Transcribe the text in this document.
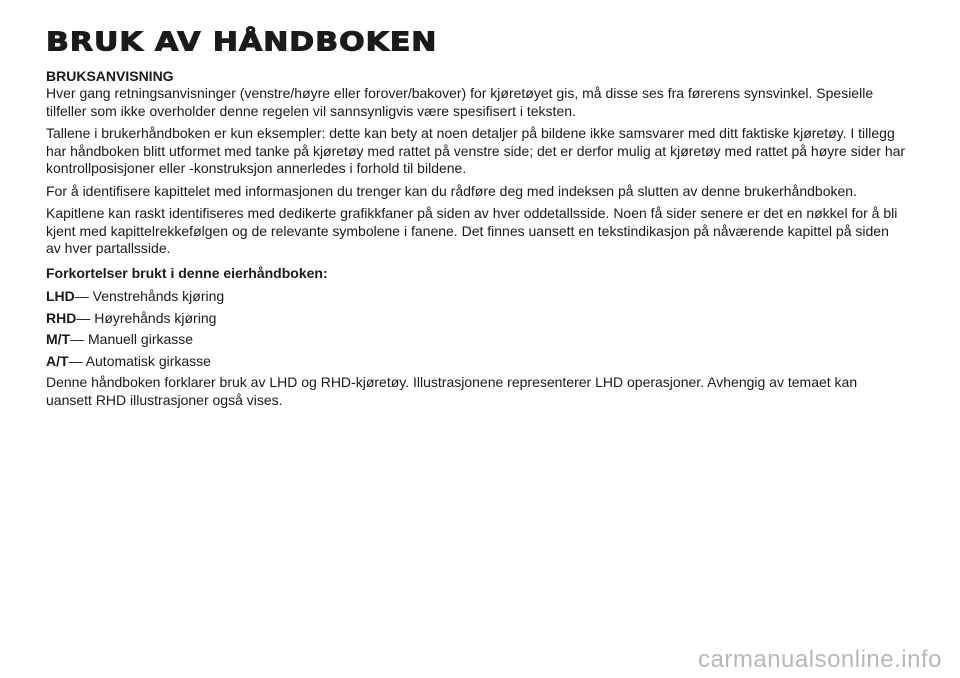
BRUK AV HÅNDBOKEN
BRUKSANVISNING

Hver gang retningsanvisninger (venstre/høyre eller forover/bakover) for kjøretøyet gis, må disse ses fra førerens synsvinkel. Spesielle tilfeller som ikke overholder denne regelen vil sannsynligvis være spesifisert i teksten.

Tallene i brukerhåndboken er kun eksempler: dette kan bety at noen detaljer på bildene ikke samsvarer med ditt faktiske kjøretøy. I tillegg har håndboken blitt utformet med tanke på kjøretøy med rattet på venstre side; det er derfor mulig at kjøretøy med rattet på høyre sider har kontrollposisjoner eller -konstruksjon annerledes i forhold til bildene.

For å identifisere kapittelet med informasjonen du trenger kan du rådføre deg med indeksen på slutten av denne brukerhåndboken.

Kapitlene kan raskt identifiseres med dedikerte grafikkfaner på siden av hver oddetallsside. Noen få sider senere er det en nøkkel for å bli kjent med kapittelrekkefølgen og de relevante symbolene i fanene. Det finnes uansett en tekstindikasjon på nåværende kapittel på siden av hver partallsside.

Forkortelser brukt i denne eierhåndboken:

LHD— Venstrehånds kjøring
RHD— Høyrehånds kjøring
M/T— Manuell girkasse
A/T— Automatisk girkasse

Denne håndboken forklarer bruk av LHD og RHD-kjøretøy. Illustrasjonene representerer LHD operasjoner. Avhengig av temaet kan uansett RHD illustrasjoner også vises.

carmanualsonline.info
